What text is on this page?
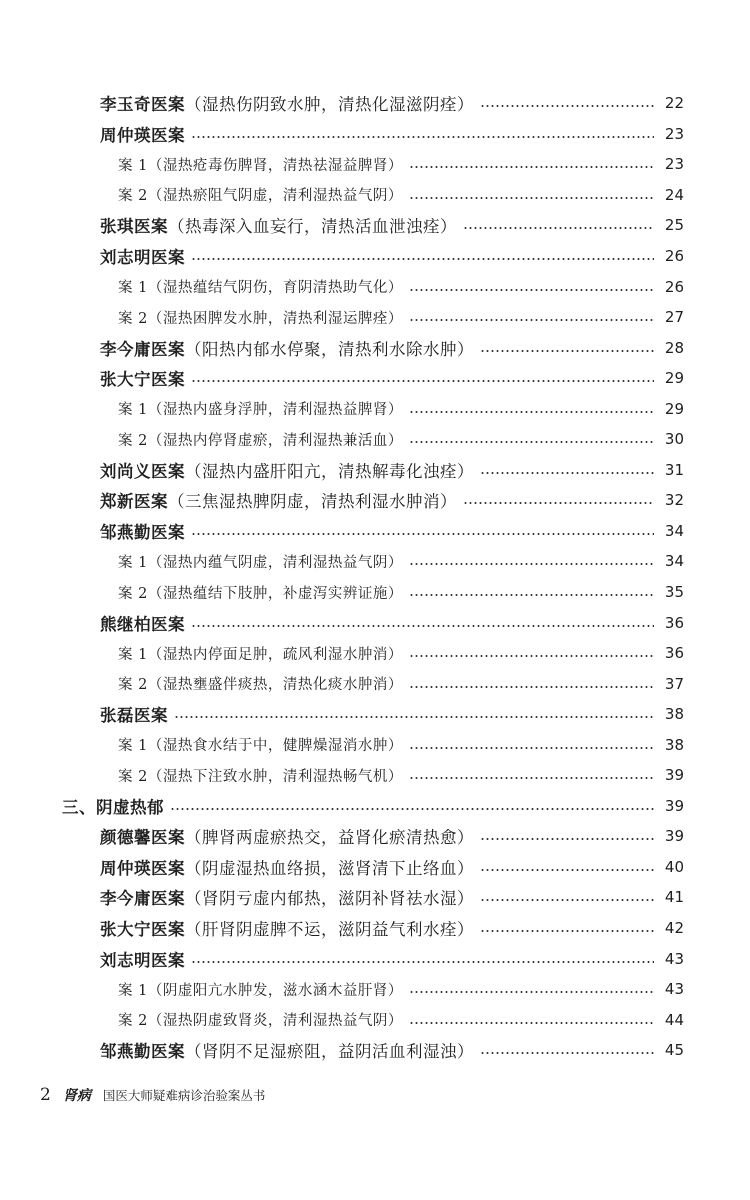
李玉奇医案（湿热伤阴致水肿，清热化湿滋阴痊）	22
周仲瑛医案	23
案 1（湿热疮毒伤脾肾，清热祛湿益脾肾）	23
案 2（湿热瘀阻气阴虚，清利湿热益气阴）	24
张琪医案（热毒深入血妄行，清热活血泄浊痊）	25
刘志明医案	26
案 1（湿热蕴结气阴伤，育阴清热助气化）	26
案 2（湿热困脾发水肿，清热利湿运脾痊）	27
李今庸医案（阳热内郁水停聚，清热利水除水肿）	28
张大宁医案	29
案 1（湿热内盛身浮肿，清利湿热益脾肾）	29
案 2（湿热内停肾虚瘀，清利湿热兼活血）	30
刘尚义医案（湿热内盛肝阳亢，清热解毒化浊痊）	31
郑新医案（三焦湿热脾阴虚，清热利湿水肿消）	32
邹燕勤医案	34
案 1（湿热内蕴气阴虚，清利湿热益气阴）	34
案 2（湿热蕴结下肢肿，补虚泻实辨证施）	35
熊继柏医案	36
案 1（湿热内停面足肿，疏风利湿水肿消）	36
案 2（湿热壅盛伴痰热，清热化痰水肿消）	37
张磊医案	38
案 1（湿热食水结于中，健脾燥湿消水肿）	38
案 2（湿热下注致水肿，清利湿热畅气机）	39
三、阴虚热郁	39
颜德馨医案（脾肾两虚瘀热交，益肾化瘀清热愈）	39
周仲瑛医案（阴虚湿热血络损，滋肾清下止络血）	40
李今庸医案（肾阴亏虚内郁热，滋阴补肾祛水湿）	41
张大宁医案（肝肾阴虚脾不运，滋阴益气利水痊）	42
刘志明医案	43
案 1（阴虚阳亢水肿发，滋水涵木益肝肾）	43
案 2（湿热阴虚致肾炎，清利湿热益气阴）	44
邹燕勤医案（肾阴不足湿瘀阻，益阴活血利湿浊）	45
2 肾病 国医大师疑难病诊治验案丛书
